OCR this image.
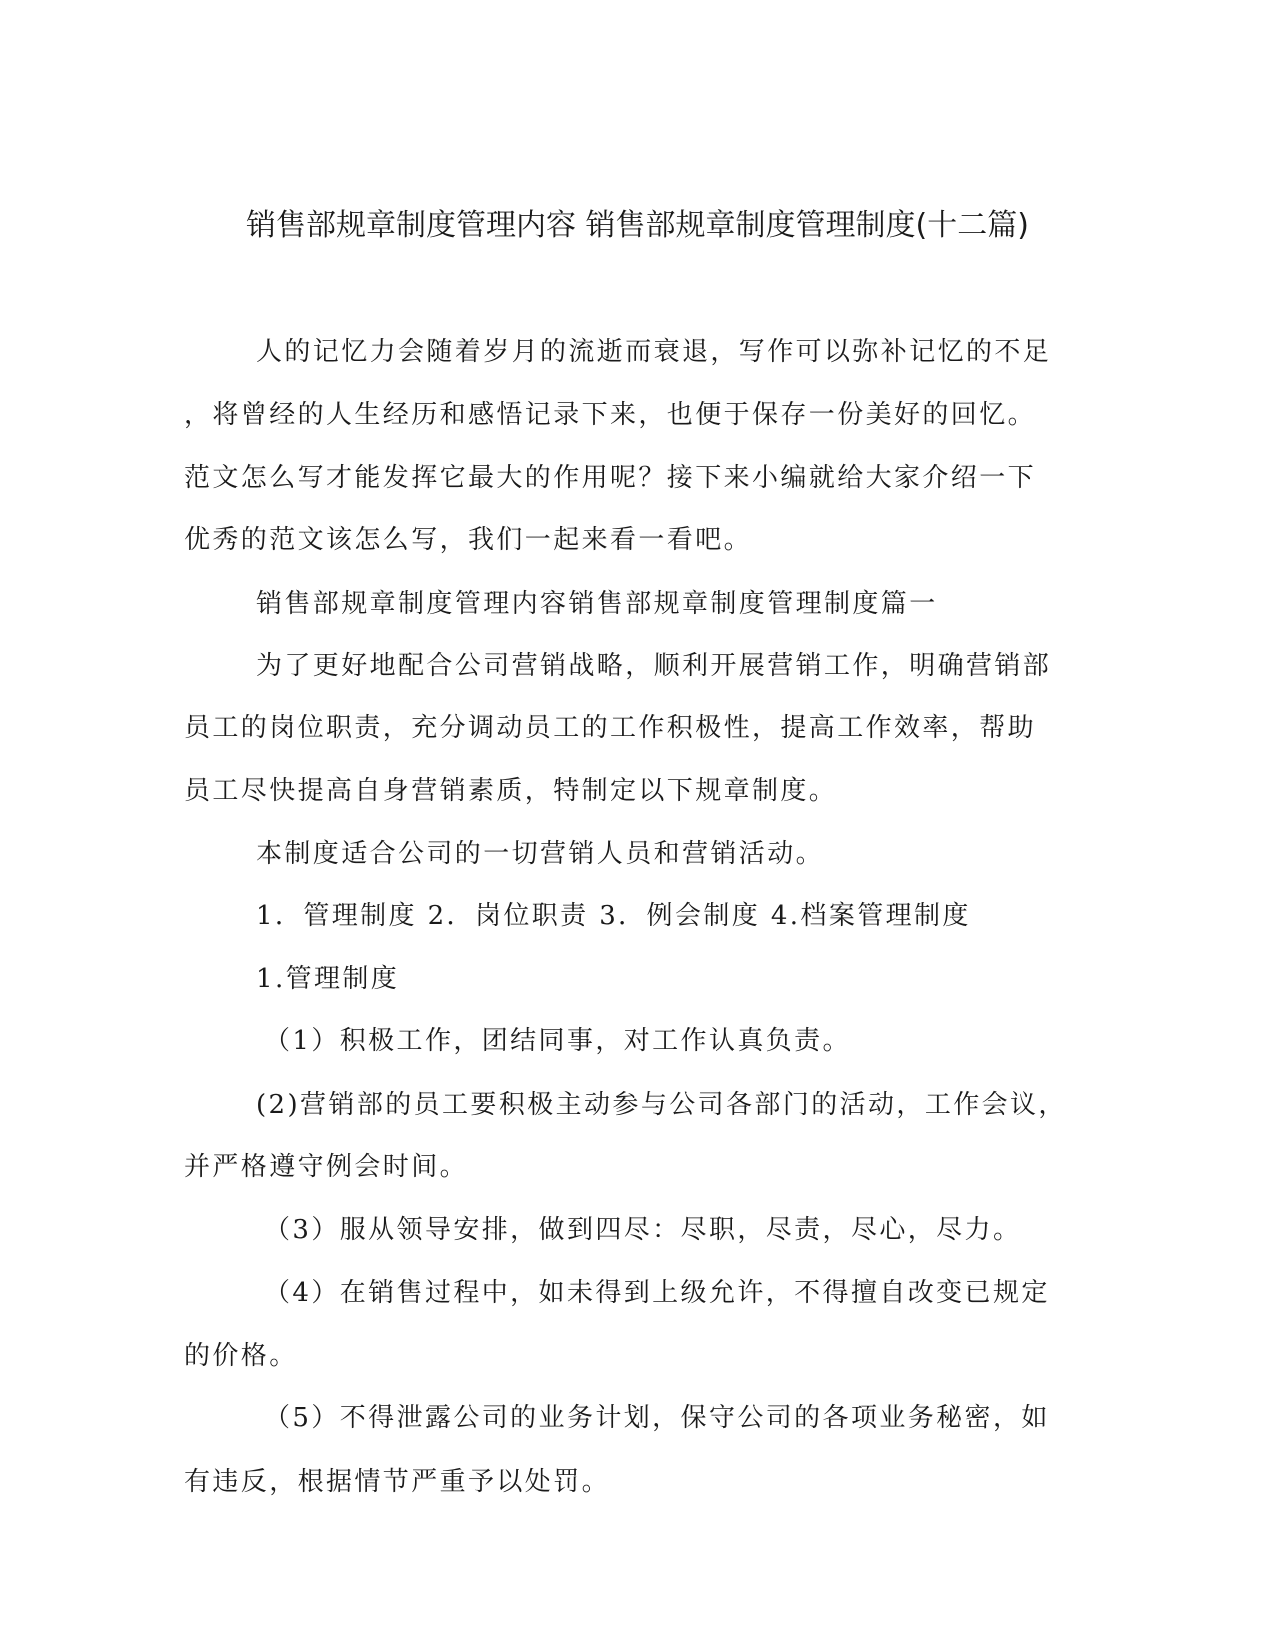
销售部规章制度管理内容 销售部规章制度管理制度(十二篇)
人的记忆力会随着岁月的流逝而衰退，写作可以弥补记忆的不足
，将曾经的人生经历和感悟记录下来，也便于保存一份美好的回忆。
范文怎么写才能发挥它最大的作用呢？接下来小编就给大家介绍一下
优秀的范文该怎么写，我们一起来看一看吧。
销售部规章制度管理内容销售部规章制度管理制度篇一
为了更好地配合公司营销战略，顺利开展营销工作，明确营销部
员工的岗位职责，充分调动员工的工作积极性，提高工作效率，帮助
员工尽快提高自身营销素质，特制定以下规章制度。
本制度适合公司的一切营销人员和营销活动。
1．管理制度 2．岗位职责 3．例会制度 4.档案管理制度
1.管理制度
（1）积极工作，团结同事，对工作认真负责。
(2)营销部的员工要积极主动参与公司各部门的活动，工作会议，
并严格遵守例会时间。
（3）服从领导安排，做到四尽：尽职，尽责，尽心，尽力。
（4）在销售过程中，如未得到上级允许，不得擅自改变已规定
的价格。
（5）不得泄露公司的业务计划，保守公司的各项业务秘密，如
有违反，根据情节严重予以处罚。
